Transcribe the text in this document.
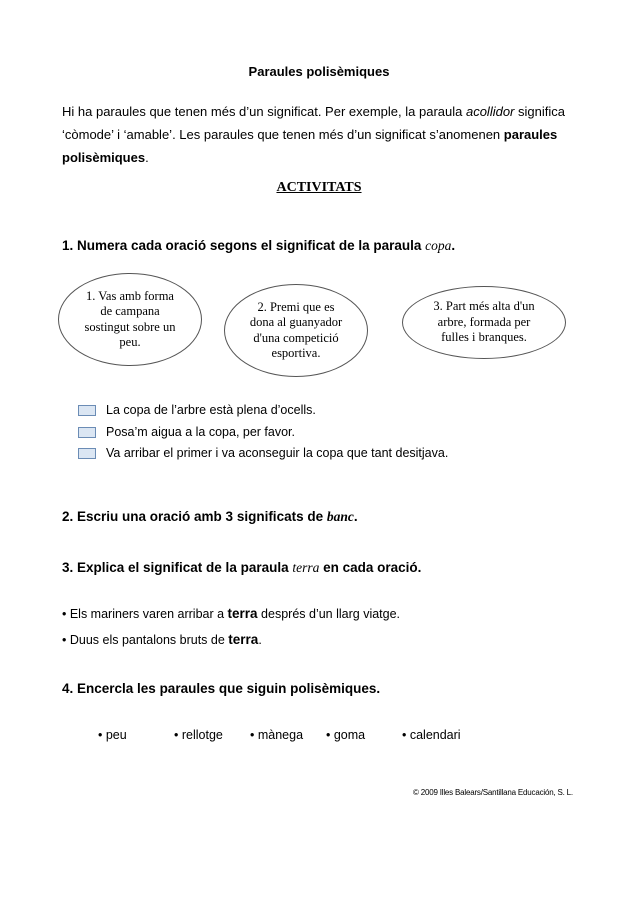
Paraules polisèmiques
Hi ha paraules que tenen més d’un significat. Per exemple, la paraula acollidor significa ‘còmode’ i ‘amable’. Les paraules que tenen més d’un significat s’anomenen paraules polisèmiques.
ACTIVITATS
1. Numera cada oració segons el significat de la paraula copa.
1. Vas amb forma de campana sostingut sobre un peu.
2. Premi que es dona al guanyador d'una competició esportiva.
3. Part més alta d'un arbre, formada per fulles i branques.
La copa de l’arbre està plena d’ocells.
Posa’m aigua a la copa, per favor.
Va arribar el primer i va aconseguir la copa que tant desitjava.
2. Escriu una oració amb 3 significats de banc.
3. Explica el significat de la paraula terra en cada oració.
• Els mariners varen arribar a terra després d’un llarg viatge.
• Duus els pantalons bruts de terra.
4. Encercla les paraules que siguin polisèmiques.
• peu	• rellotge • mànega • goma	• calendari
© 2009 Illes Balears/Santillana Educación, S. L.
